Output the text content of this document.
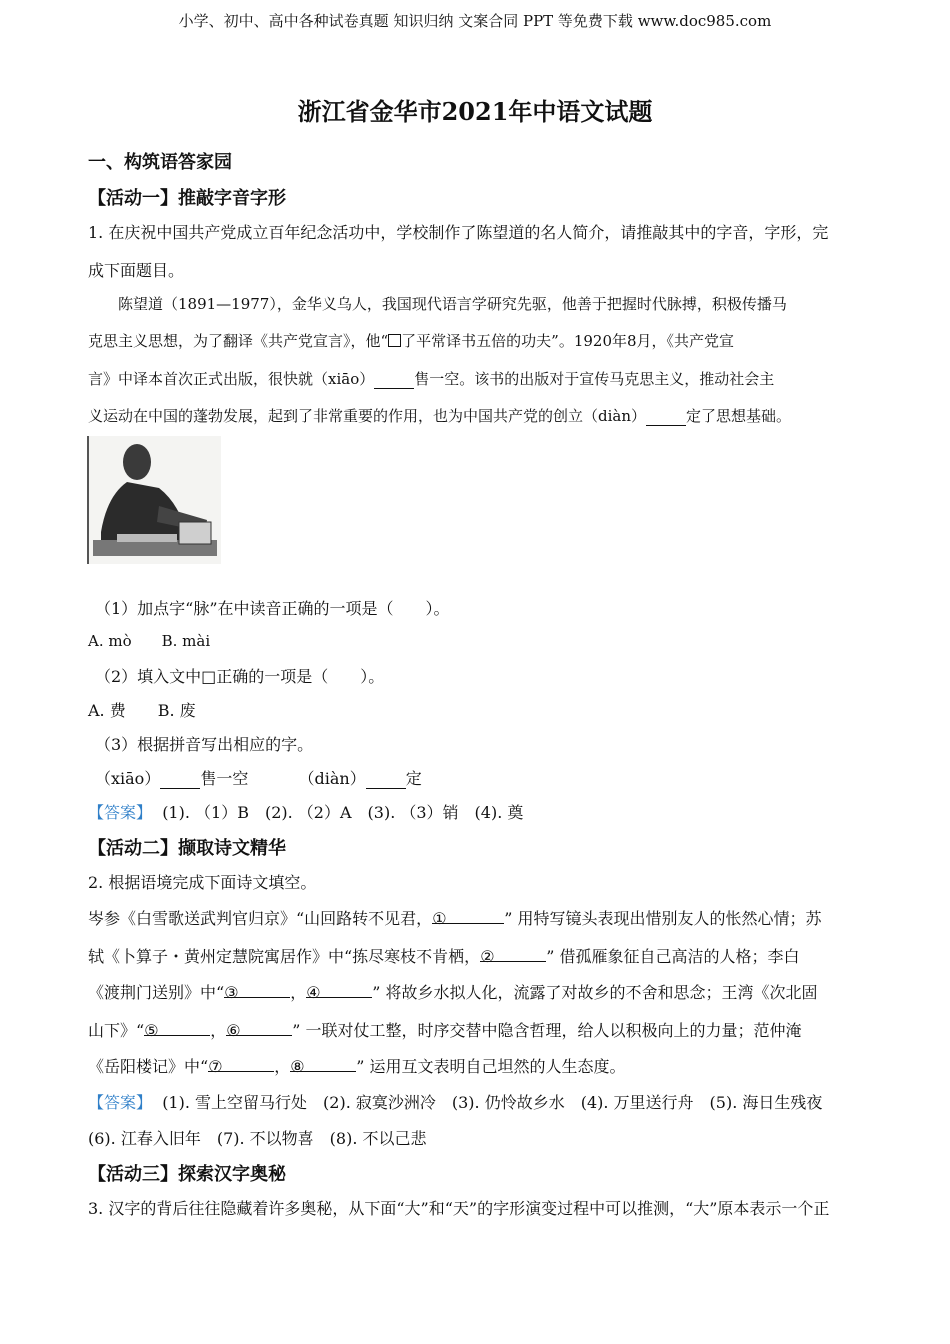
小学、初中、高中各种试卷真题 知识归纳 文案合同 PPT 等免费下载 www.doc985.com
浙江省金华市2021年中语文试题
一、构筑语答家园
【活动一】推敲字音字形
1. 在庆祝中国共产党成立百年纪念活功中，学校制作了陈望道的名人简介，请推敲其中的字音，字形，完
成下面题目。
陈望道（1891—1977），金华义乌人，我国现代语言学研究先驱，他善于把握时代脉搏，积极传播马
克思主义思想，为了翻译《共产党宣言》，他“ 了平常译书五倍的功夫”。1920年8月，《共产党宣
言》中译本首次正式出版，很快就（xiāo）	售一空。该书的出版对于宣传马克思主义，推动社会主
义运动在中国的蓬勃发展，起到了非常重要的作用，也为中国共产党的创立（diàn）	定了思想基础。
（1）加点字“脉”在中读音正确的一项是（　　）。
A. mò　　B. mài
（2）填入文中□正确的一项是（　　）。
A. 费　　B. 废
（3）根据拼音写出相应的字。
（xiāo）	售一空	（diàn）	定
【答案】 (1). （1）B　(2). （2）A　(3). （3）销　(4). 奠
【活动二】撷取诗文精华
2. 根据语境完成下面诗文填空。
岑参《白雪歌送武判官归京》“山回路转不见君，①	” 用特写镜头表现出惜别友人的怅然心情；苏
轼《卜算子・黄州定慧院寓居作》中“拣尽寒枝不肯栖，②	” 借孤雁象征自己高洁的人格；李白
《渡荆门送别》中“③	，④	” 将故乡水拟人化，流露了对故乡的不舍和思念；王湾《次北固
山下》“⑤	，⑥	” 一联对仗工整，时序交替中隐含哲理，给人以积极向上的力量；范仲淹
《岳阳楼记》中“⑦	，⑧	” 运用互文表明自己坦然的人生态度。
【答案】 (1). 雪上空留马行处　(2). 寂寞沙洲冷　(3). 仍怜故乡水　(4). 万里送行舟　(5). 海日生残夜
(6). 江春入旧年　(7). 不以物喜　(8). 不以己悲
【活动三】探索汉字奥秘
3. 汉字的背后往往隐藏着许多奥秘，从下面“大”和“天”的字形演变过程中可以推测，“大”原本表示一个正
